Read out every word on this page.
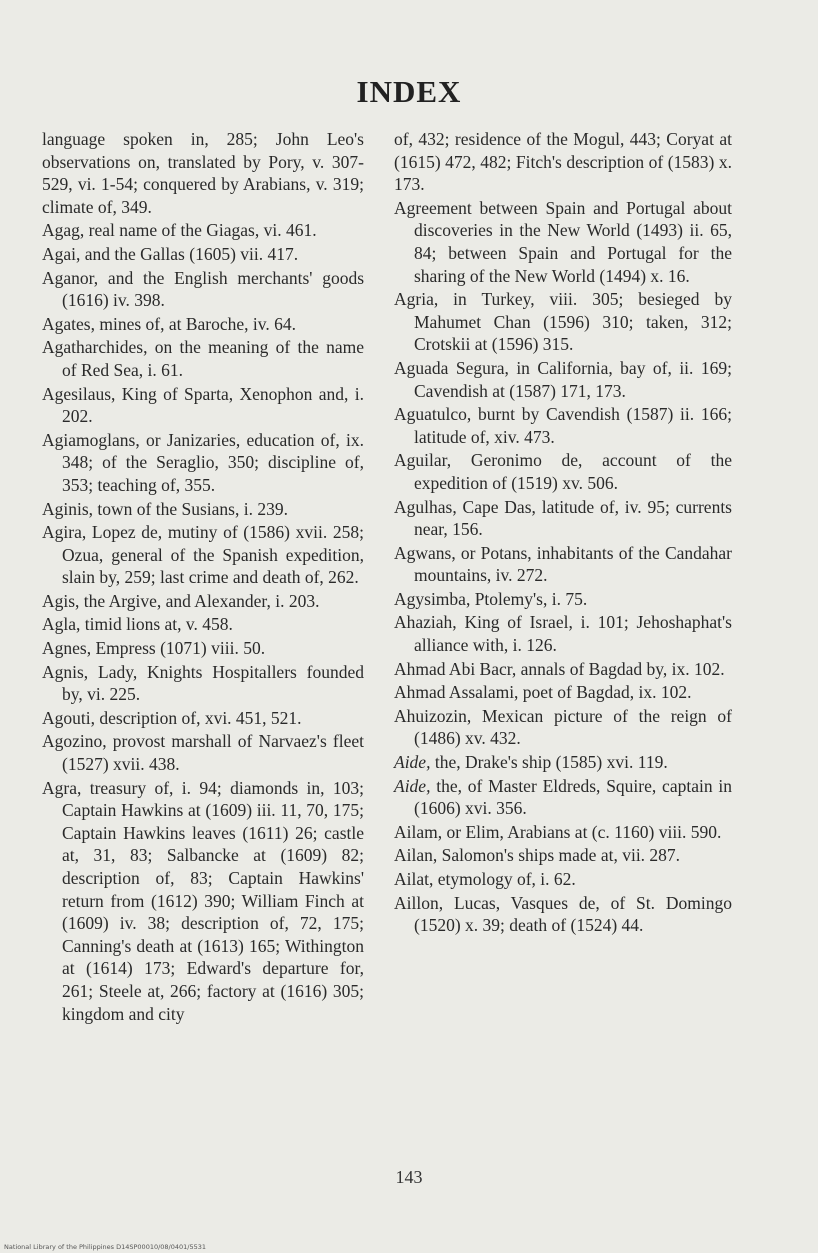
INDEX

language spoken in, 285; John Leo's observations on, translated by Pory, v. 307-529, vi. 1-54; conquered by Arabians, v. 319; climate of, 349.

Agag, real name of the Giagas, vi. 461.

Agai, and the Gallas (1605) vii. 417.

Aganor, and the English merchants' goods (1616) iv. 398.

Agates, mines of, at Baroche, iv. 64.

Agatharchides, on the meaning of the name of Red Sea, i. 61.

Agesilaus, King of Sparta, Xenophon and, i. 202.

Agiamoglans, or Janizaries, education of, ix. 348; of the Seraglio, 350; discipline of, 353; teaching of, 355.

Aginis, town of the Susians, i. 239.

Agira, Lopez de, mutiny of (1586) xvii. 258; Ozua, general of the Spanish expedition, slain by, 259; last crime and death of, 262.

Agis, the Argive, and Alexander, i. 203.

Agla, timid lions at, v. 458.

Agnes, Empress (1071) viii. 50.

Agnis, Lady, Knights Hospitallers founded by, vi. 225.

Agouti, description of, xvi. 451, 521.

Agozino, provost marshall of Narvaez's fleet (1527) xvii. 438.

Agra, treasury of, i. 94; diamonds in, 103; Captain Hawkins at (1609) iii. 11, 70, 175; Captain Hawkins leaves (1611) 26; castle at, 31, 83; Salbancke at (1609) 82; description of, 83; Captain Hawkins' return from (1612) 390; William Finch at (1609) iv. 38; description of, 72, 175; Canning's death at (1613) 165; Withington at (1614) 173; Edward's departure for, 261; Steele at, 266; factory at (1616) 305; kingdom and city

of, 432; residence of the Mogul, 443; Coryat at (1615) 472, 482; Fitch's description of (1583) x. 173.

Agreement between Spain and Portugal about discoveries in the New World (1493) ii. 65, 84; between Spain and Portugal for the sharing of the New World (1494) x. 16.

Agria, in Turkey, viii. 305; besieged by Mahumet Chan (1596) 310; taken, 312; Crotskii at (1596) 315.

Aguada Segura, in California, bay of, ii. 169; Cavendish at (1587) 171, 173.

Aguatulco, burnt by Cavendish (1587) ii. 166; latitude of, xiv. 473.

Aguilar, Geronimo de, account of the expedition of (1519) xv. 506.

Agulhas, Cape Das, latitude of, iv. 95; currents near, 156.

Agwans, or Potans, inhabitants of the Candahar mountains, iv. 272.

Agysimba, Ptolemy's, i. 75.

Ahaziah, King of Israel, i. 101; Jehoshaphat's alliance with, i. 126.

Ahmad Abi Bacr, annals of Bagdad by, ix. 102.

Ahmad Assalami, poet of Bagdad, ix. 102.

Ahuizozin, Mexican picture of the reign of (1486) xv. 432.

Aide, the, Drake's ship (1585) xvi. 119.

Aide, the, of Master Eldreds, Squire, captain in (1606) xvi. 356.

Ailam, or Elim, Arabians at (c. 1160) viii. 590.

Ailan, Salomon's ships made at, vii. 287.

Ailat, etymology of, i. 62.

Aillon, Lucas, Vasques de, of St. Domingo (1520) x. 39; death of (1524) 44.

143
National Library of the Philippines D14SP00010/08/0401/5531
